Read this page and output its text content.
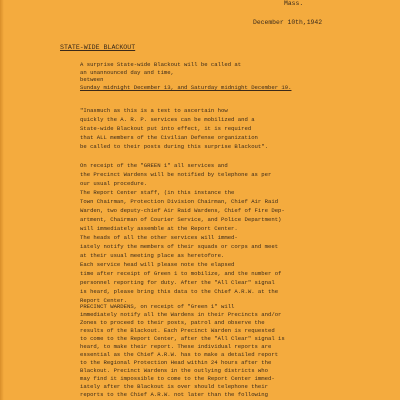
Mass.
December 10th,1942
STATE-WIDE BLACKOUT
A surprise State-wide Blackout will be called at
an unannounced day and time,
between
Sunday midnight December 13, and Saturday midnight December 19.
"Inasmuch as this is a test to ascertain how
quickly the A. R. P. services can be mobilized and a
State-wide Blackout put into effect, it is required
that ALL members of the Civilian Defense organization
be called to their posts during this surprise Blackout".
On receipt of the "GREEN 1" all services and
the Precinct Wardens will be notified by telephone as per
our usual procedure.
The Report Center staff, (in this instance the
Town Chairman, Protection Division Chairman, Chief Air Raid
Warden, two deputy-chief Air Raid Wardens, Chief of Fire Dep-
artment, Chairman of Courier Service, and Police Department)
will immediately assemble at the Report Center.
The heads of all the other services will immed-
iately notify the members of their squads or corps and meet
at their usual meeting place as heretofore.
Each service head will please note the elapsed
time after receipt of Green 1 to mobilize, and the number of
personnel reporting for duty. After the "All Clear" signal
is heard, please bring this data to the Chief A.R.W. at the
Report Center.
PRECINCT WARDENS, on receipt of "Green 1" will
immediately notify all the Wardens in their Precincts and/or
Zones to proceed to their posts, patrol and observe the
results of the Blackout. Each Precinct Warden is requested
to come to the Report Center, after the "All Clear" signal is
heard, to make their report. These individual reports are
essential as the Chief A.R.W. has to make a detailed report
to the Regional Protection Head within 24 hours after the
Blackout. Precinct Wardens in the outlying districts who
may find it impossible to come to the Report Center immed-
iately after the Blackout is over should telephone their
reports to the Chief A.R.W. not later than the following
